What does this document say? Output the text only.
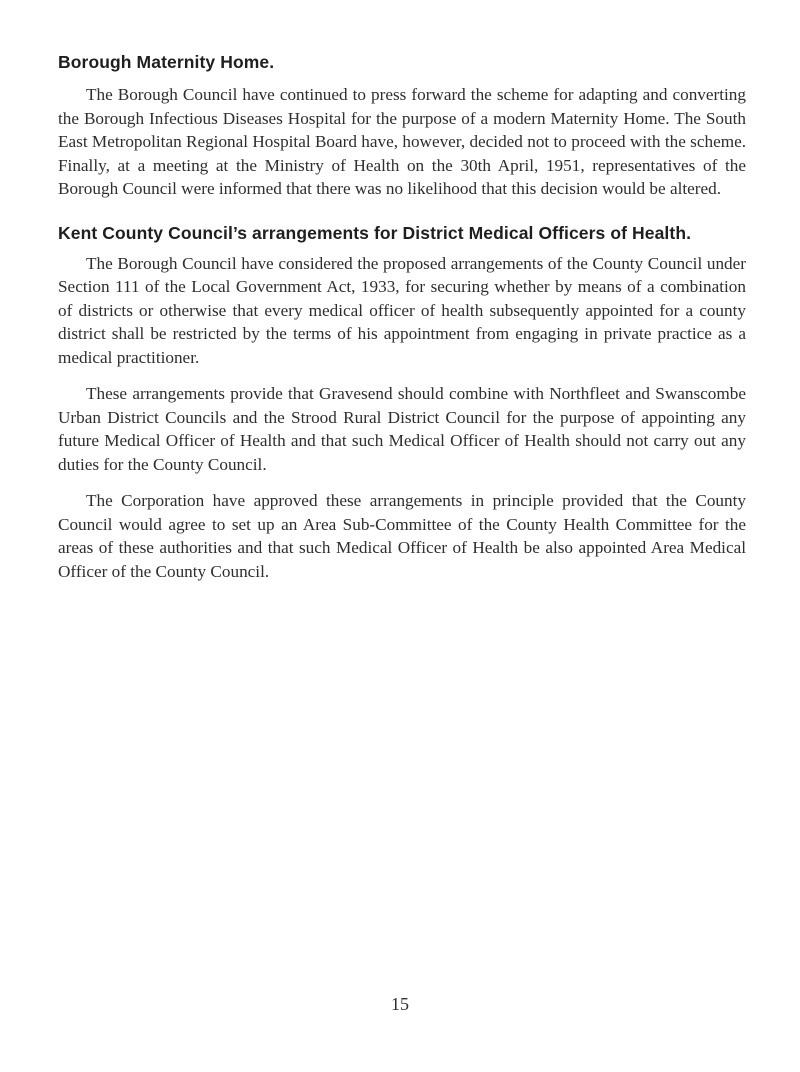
Borough Maternity Home.

The Borough Council have continued to press forward the scheme for adapting and converting the Borough Infectious Diseases Hospital for the purpose of a modern Maternity Home. The South East Metropolitan Regional Hospital Board have, however, decided not to proceed with the scheme. Finally, at a meeting at the Ministry of Health on the 30th April, 1951, representatives of the Borough Council were informed that there was no likelihood that this decision would be altered.

Kent County Council’s arrangements for District Medical Officers of Health.

The Borough Council have considered the proposed arrangements of the County Council under Section 111 of the Local Government Act, 1933, for securing whether by means of a combination of districts or otherwise that every medical officer of health subsequently appointed for a county district shall be restricted by the terms of his appointment from engaging in private practice as a medical practitioner.

These arrangements provide that Gravesend should combine with Northfleet and Swanscombe Urban District Councils and the Strood Rural District Council for the purpose of appointing any future Medical Officer of Health and that such Medical Officer of Health should not carry out any duties for the County Council.

The Corporation have approved these arrangements in principle provided that the County Council would agree to set up an Area Sub-Committee of the County Health Committee for the areas of these authorities and that such Medical Officer of Health be also appointed Area Medical Officer of the County Council.

15
